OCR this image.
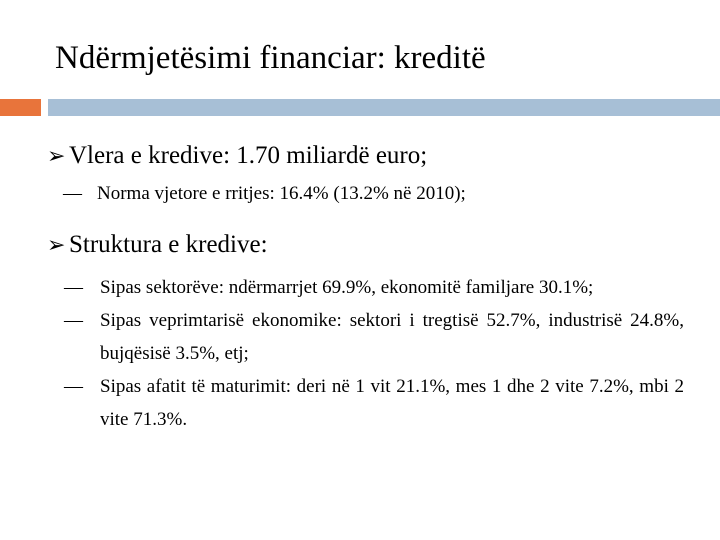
Ndërmjetësimi financiar: kreditë
➢ Vlera e kredive: 1.70 miliardë euro;
— Norma vjetore e rritjes: 16.4% (13.2% në 2010);
➢ Struktura e kredive:
— Sipas sektorëve: ndërmarrjet 69.9%, ekonomitë familjare 30.1%;
— Sipas veprimtarisë ekonomike: sektori i tregtisë 52.7%, industrisë 24.8%, bujqësisë 3.5%, etj;
— Sipas afatit të maturimit: deri në 1 vit 21.1%, mes 1 dhe 2 vite 7.2%, mbi 2 vite 71.3%.
